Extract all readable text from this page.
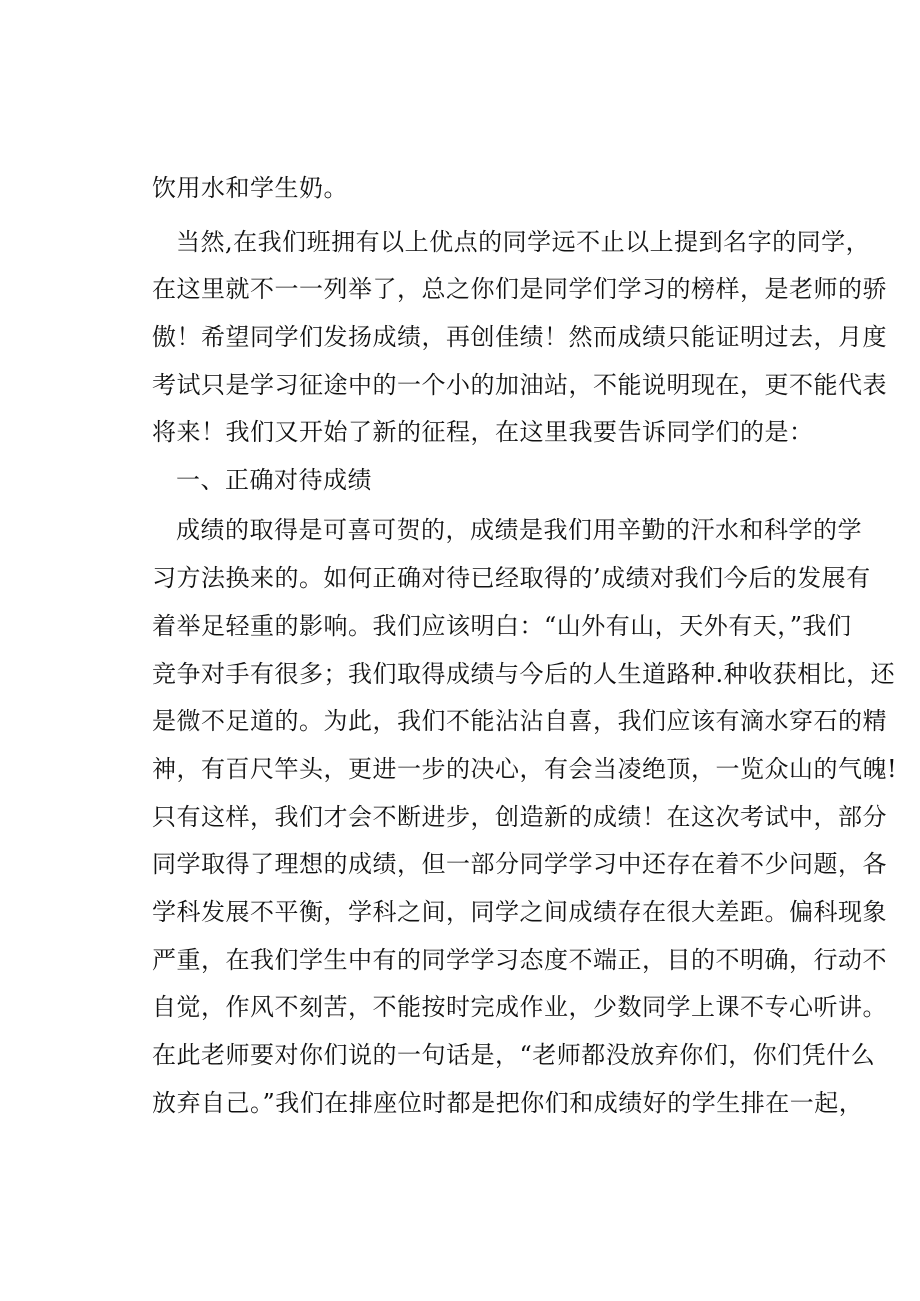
饮用水和学生奶。
当然,在我们班拥有以上优点的同学远不止以上提到名字的同学，
在这里就不一一列举了，总之你们是同学们学习的榜样，是老师的骄
傲！希望同学们发扬成绩，再创佳绩！然而成绩只能证明过去，月度
考试只是学习征途中的一个小的加油站，不能说明现在，更不能代表
将来！我们又开始了新的征程，在这里我要告诉同学们的是：
一、正确对待成绩
成绩的取得是可喜可贺的，成绩是我们用辛勤的汗水和科学的学
习方法换来的。如何正确对待已经取得的’成绩对我们今后的发展有
着举足轻重的影响。我们应该明白：“山外有山，天外有天，”我们
竞争对手有很多；我们取得成绩与今后的人生道路种.种收获相比，还
是微不足道的。为此，我们不能沾沾自喜，我们应该有滴水穿石的精
神，有百尺竿头，更进一步的决心，有会当凌绝顶，一览众山的气魄!
只有这样，我们才会不断进步，创造新的成绩！在这次考试中，部分
同学取得了理想的成绩，但一部分同学学习中还存在着不少问题，各
学科发展不平衡，学科之间，同学之间成绩存在很大差距。偏科现象
严重，在我们学生中有的同学学习态度不端正，目的不明确，行动不
自觉，作风不刻苦，不能按时完成作业，少数同学上课不专心听讲。
在此老师要对你们说的一句话是，“老师都没放弃你们，你们凭什么
放弃自己。”我们在排座位时都是把你们和成绩好的学生排在一起，
